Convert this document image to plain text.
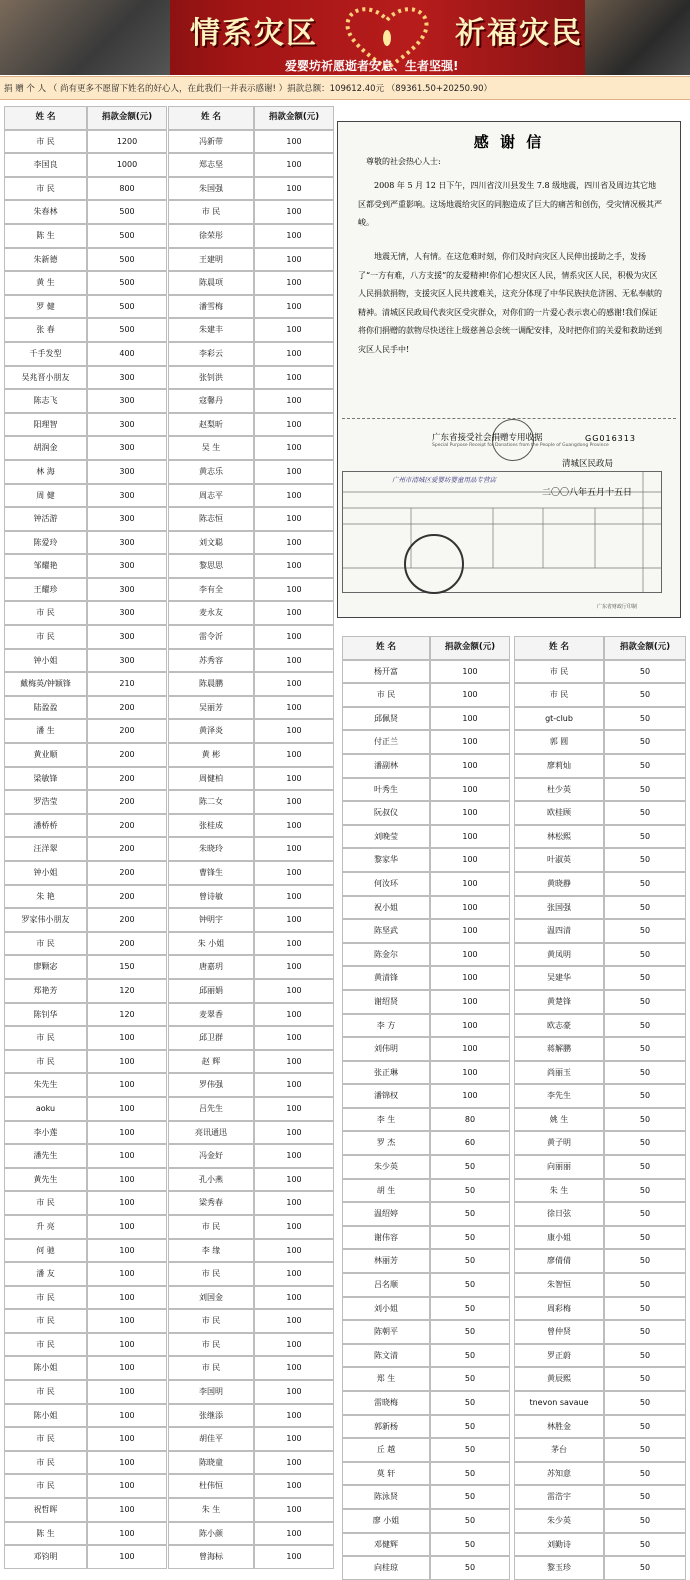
情系灾区	祈福灾民
爱婴坊祈愿逝者安息、生者坚强!
捐 赠 个 人 （ 尚有更多不愿留下姓名的好心人，在此我们一并表示感谢! ）捐款总额：109612.40元 （89361.50+20250.90）
姓 名	捐款金额(元)
市 民	1200
李国良	1000
市 民	800
朱春林	500
陈 生	500
朱新德	500
黄 生	500
罗 健	500
张 春	500
千手发型	400
吴兆晋小朋友	300
陈志飞	300
阳理智	300
胡润金	300
林 海	300
周 健	300
钟活游	300
陈爱玲	300
邹耀艳	300
王耀珍	300
市 民	300
市 民	300
钟小姐	300
戴梅英/钟颖锋	210
陆盈盈	200
潘 生	200
黄业顺	200
梁敏锋	200
罗浩莹	200
潘桥桥	200
汪洋翠	200
钟小姐	200
朱 艳	200
罗家伟小朋友	200
市 民	200
廖颗宓	150
郑艳芳	120
陈钊华	120
市 民	100
市 民	100
朱先生	100
aoku	100
李小莲	100
潘先生	100
黄先生	100
市 民	100
升 亮	100
何 驰	100
潘 友	100
市 民	100
市 民	100
市 民	100
陈小姐	100
市 民	100
陈小姐	100
市 民	100
市 民	100
市 民	100
祝哲晖	100
陈 生	100
邓钧明	100
姓 名	捐款金额(元)
冯新带	100
郑志坚	100
朱国强	100
市 民	100
徐荣彤	100
王建明	100
陈晨项	100
潘雪梅	100
朱建丰	100
李彩云	100
张钊洪	100
寇馨丹	100
赵梨昕	100
吴 生	100
黄志乐	100
周志平	100
陈志恒	100
刘文聪	100
黎思思	100
李有全	100
麦永友	100
雷令沂	100
苏秀容	100
陈晨鹏	100
吴丽芳	100
黄泽炎	100
黄 彬	100
周健柏	100
陈二女	100
张桂成	100
朱晓玲	100
曹锋生	100
曾诗敏	100
钟明宇	100
朱 小姐	100
唐嘉玥	100
邱丽娟	100
麦翠香	100
邱卫群	100
赵 辉	100
罗伟强	100
吕先生	100
亮讯通迅	100
冯金好	100
孔小燕	100
梁秀春	100
市 民	100
李 缘	100
市 民	100
刘国金	100
市 民	100
市 民	100
市 民	100
李国明	100
张继添	100
胡佳平	100
陈晓童	100
杜伟恒	100
朱 生	100
陈小颜	100
曾海标	100
姓 名	捐款金额(元)
杨开富	100
市 民	100
邱佩贤	100
付正兰	100
潘副林	100
叶秀生	100
阮叔仪	100
刘晚莹	100
黎家华	100
何汝环	100
祝小姐	100
陈坚武	100
陈金尔	100
黄清锋	100
谢绍贤	100
李 方	100
刘伟明	100
张正琳	100
潘锦权	100
李 生	80
罗 杰	60
朱少英	50
胡 生	50
温绍婷	50
谢伟容	50
林丽芳	50
吕名顺	50
刘小姐	50
陈朝平	50
陈文清	50
郑 生	50
雷晓梅	50
郭新杨	50
丘 越	50
莫 轩	50
陈泳贤	50
廖 小姐	50
邓健辉	50
向桂琼	50
姓 名	捐款金额(元)
市 民	50
市 民	50
gt-club	50
郭 圆	50
廖莉灿	50
杜少英	50
欧桂顾	50
林松熙	50
叶淑英	50
黄晓静	50
张国强	50
温四清	50
黄凤明	50
吴建华	50
黄楚锋	50
欧志豪	50
蒋解鹏	50
尚丽玉	50
李先生	50
姚 生	50
黄子明	50
向丽丽	50
朱 生	50
徐日弦	50
康小姐	50
廖倩倩	50
朱智恒	50
周彩梅	50
曾仲贤	50
罗正蔚	50
黄辰熙	50
tnevon savaue	50
林胜金	50
茅台	50
苏知意	50
雷浩宇	50
朱少英	50
刘勤诗	50
黎玉珍	50
感 谢 信
尊敬的社会热心人士:
2008 年 5 月 12 日下午，四川省汶川县发生 7.8 级地震，四川省及周边其它地区都受到严重影响。这场地震给灾区的同胞造成了巨大的痛苦和创伤，受灾情况极其严峻。
地震无情，人有情。在这危难时刻，你们及时向灾区人民伸出援助之手，发扬了“一方有难，八方支援”的友爱精神!你们心想灾区人民，情系灾区人民，积极为灾区人民捐款捐物，支援灾区人民共渡难关，这充分体现了中华民族扶危济困、无私奉献的精神。清城区民政局代表灾区受灾群众，对你们的一片爱心表示衷心的感谢!我们保证将你们捐赠的款物尽快送往上级慈善总会统一调配安排，及时把你们的关爱和救助送到灾区人民手中!
广东省接受社会捐赠专用收据
Special Purpose Receipt for Donations from the People of Guangdong Province
GG016313
清城区民政局
广州市清城区爱婴坊婴童用品专营店
二〇〇八年五月十五日
广东省财政厅印制
